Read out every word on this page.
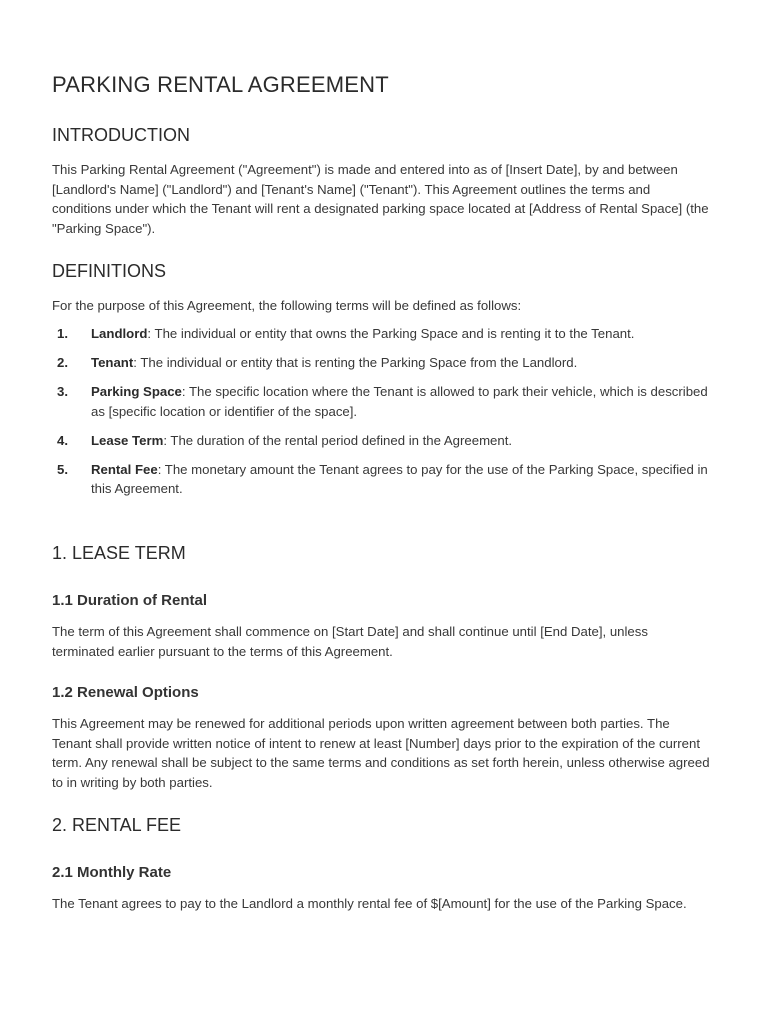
PARKING RENTAL AGREEMENT
INTRODUCTION

This Parking Rental Agreement ("Agreement") is made and entered into as of [Insert Date], by and between [Landlord's Name] ("Landlord") and [Tenant's Name] ("Tenant"). This Agreement outlines the terms and conditions under which the Tenant will rent a designated parking space located at [Address of Rental Space] (the "Parking Space").

DEFINITIONS

For the purpose of this Agreement, the following terms will be defined as follows:

1. Landlord: The individual or entity that owns the Parking Space and is renting it to the Tenant.
2. Tenant: The individual or entity that is renting the Parking Space from the Landlord.
3. Parking Space: The specific location where the Tenant is allowed to park their vehicle, which is described as [specific location or identifier of the space].
4. Lease Term: The duration of the rental period defined in the Agreement.
5. Rental Fee: The monetary amount the Tenant agrees to pay for the use of the Parking Space, specified in this Agreement.
1. LEASE TERM
1.1 Duration of Rental

The term of this Agreement shall commence on [Start Date] and shall continue until [End Date], unless terminated earlier pursuant to the terms of this Agreement.

1.2 Renewal Options

This Agreement may be renewed for additional periods upon written agreement between both parties. The Tenant shall provide written notice of intent to renew at least [Number] days prior to the expiration of the current term. Any renewal shall be subject to the same terms and conditions as set forth herein, unless otherwise agreed to in writing by both parties.

2. RENTAL FEE
2.1 Monthly Rate

The Tenant agrees to pay to the Landlord a monthly rental fee of $[Amount] for the use of the Parking Space.
